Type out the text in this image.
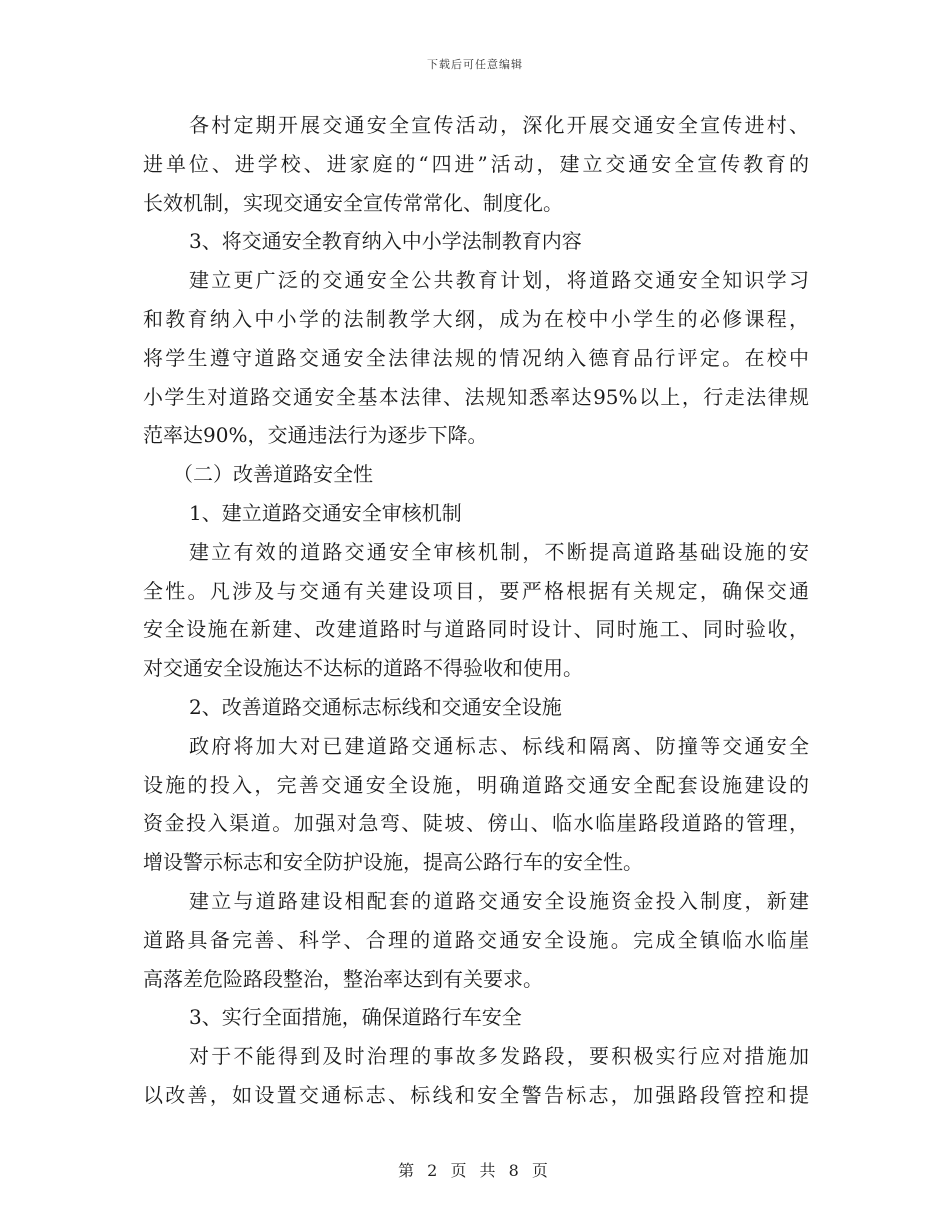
下载后可任意编辑
各村定期开展交通安全宣传活动，深化开展交通安全宣传进村、
进单位、进学校、进家庭的“四进”活动，建立交通安全宣传教育的
长效机制，实现交通安全宣传常常化、制度化。
3、将交通安全教育纳入中小学法制教育内容
建立更广泛的交通安全公共教育计划，将道路交通安全知识学习
和教育纳入中小学的法制教学大纲，成为在校中小学生的必修课程，
将学生遵守道路交通安全法律法规的情况纳入德育品行评定。在校中
小学生对道路交通安全基本法律、法规知悉率达95%以上，行走法律规
范率达90%，交通违法行为逐步下降。
（二）改善道路安全性
1、建立道路交通安全审核机制
建立有效的道路交通安全审核机制，不断提高道路基础设施的安
全性。凡涉及与交通有关建设项目，要严格根据有关规定，确保交通
安全设施在新建、改建道路时与道路同时设计、同时施工、同时验收，
对交通安全设施达不达标的道路不得验收和使用。
2、改善道路交通标志标线和交通安全设施
政府将加大对已建道路交通标志、标线和隔离、防撞等交通安全
设施的投入，完善交通安全设施，明确道路交通安全配套设施建设的
资金投入渠道。加强对急弯、陡坡、傍山、临水临崖路段道路的管理，
增设警示标志和安全防护设施，提高公路行车的安全性。
建立与道路建设相配套的道路交通安全设施资金投入制度，新建
道路具备完善、科学、合理的道路交通安全设施。完成全镇临水临崖
高落差危险路段整治，整治率达到有关要求。
3、实行全面措施，确保道路行车安全
对于不能得到及时治理的事故多发路段，要积极实行应对措施加
以改善，如设置交通标志、标线和安全警告标志，加强路段管控和提
第 2 页 共 8 页
